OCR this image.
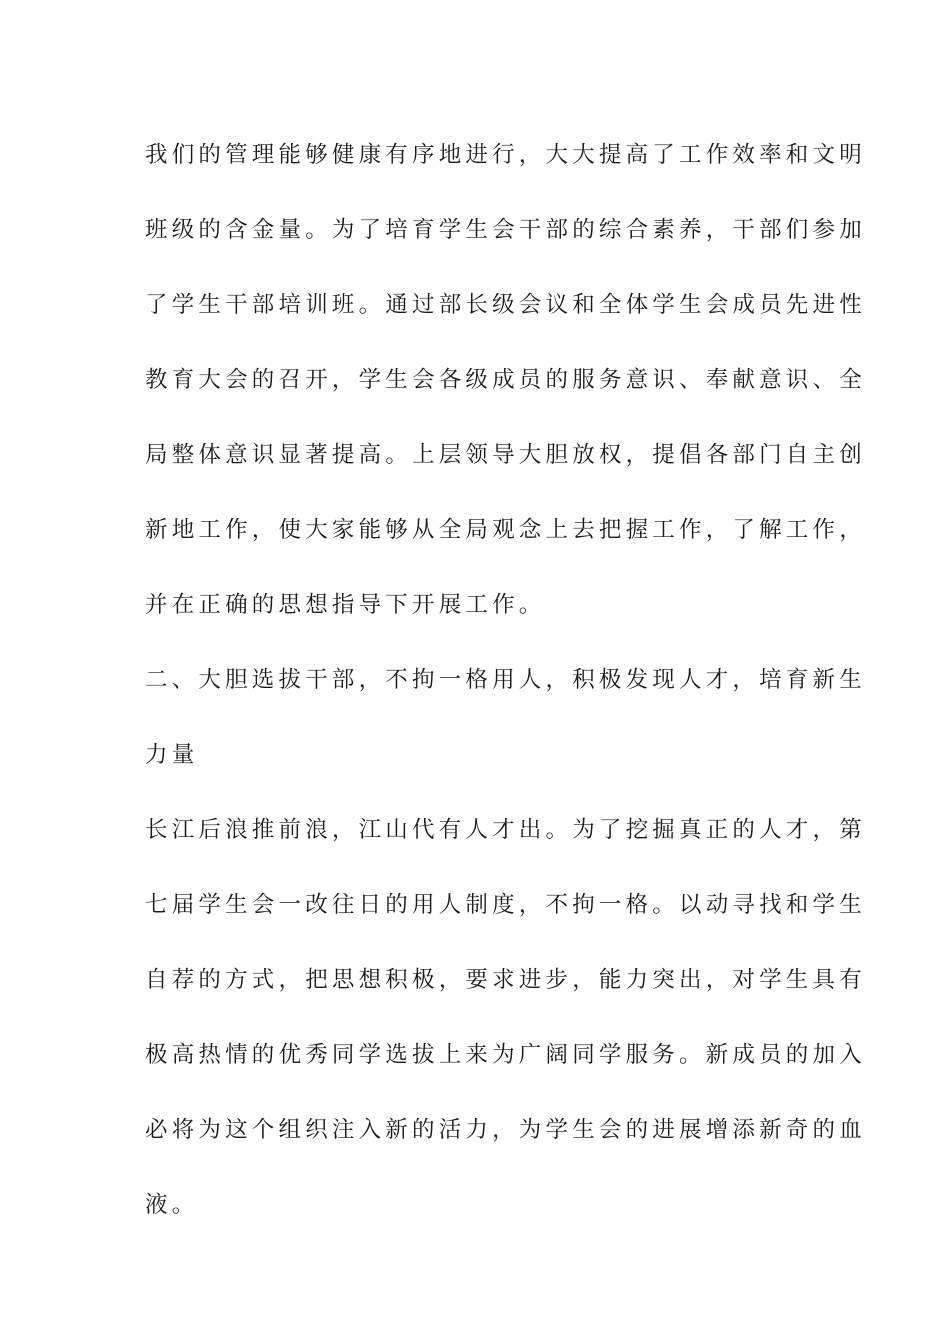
我们的管理能够健康有序地进行，大大提高了工作效率和文明
班级的含金量。为了培育学生会干部的综合素养，干部们参加
了学生干部培训班。通过部长级会议和全体学生会成员先进性
教育大会的召开，学生会各级成员的服务意识、奉献意识、全
局整体意识显著提高。上层领导大胆放权，提倡各部门自主创
新地工作，使大家能够从全局观念上去把握工作，了解工作，
并在正确的思想指导下开展工作。
二、大胆选拔干部，不拘一格用人，积极发现人才，培育新生
力量
长江后浪推前浪，江山代有人才出。为了挖掘真正的人才，第
七届学生会一改往日的用人制度，不拘一格。以动寻找和学生
自荐的方式，把思想积极，要求进步，能力突出，对学生具有
极高热情的优秀同学选拔上来为广阔同学服务。新成员的加入
必将为这个组织注入新的活力，为学生会的进展增添新奇的血
液。
